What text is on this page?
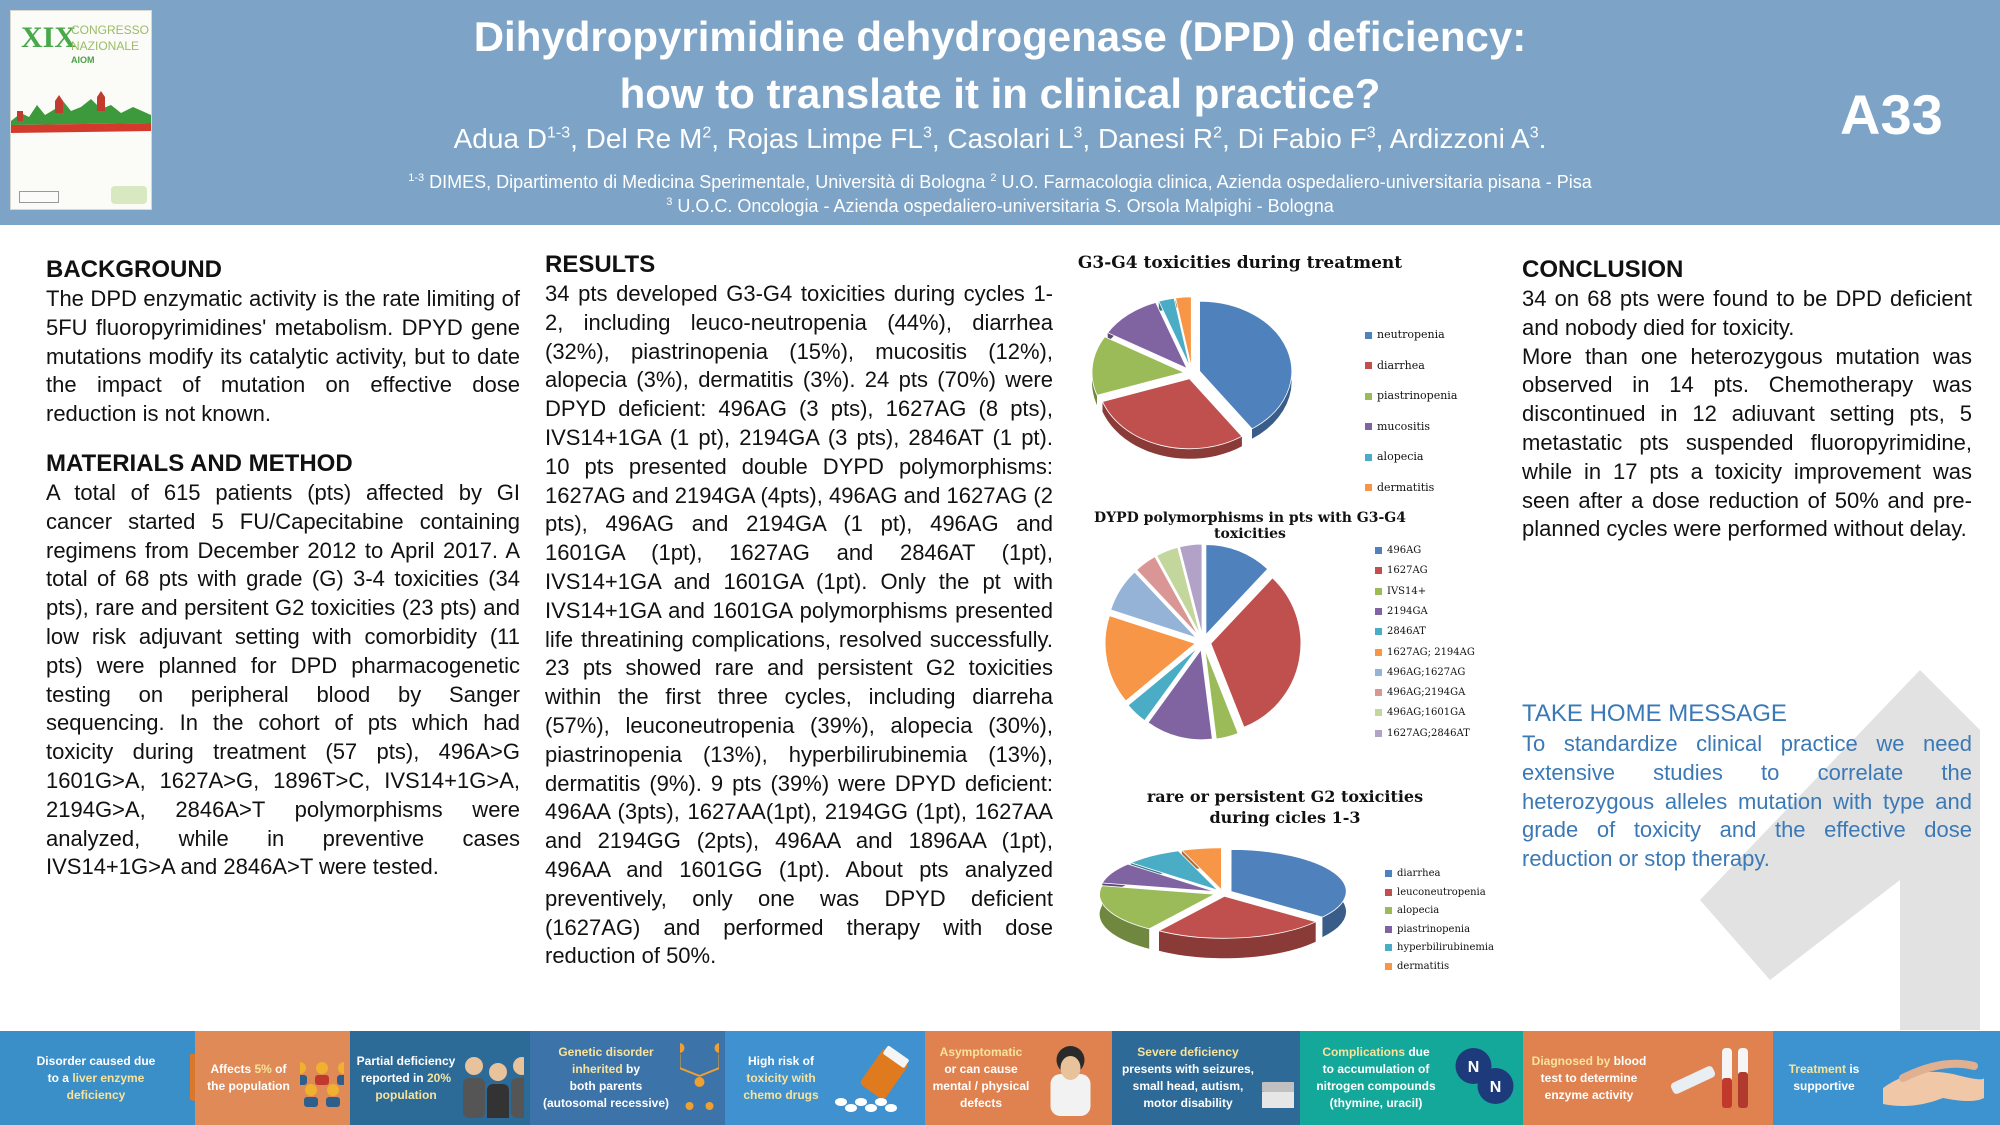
XIX
CONGRESSO
NAZIONALE
AIOM	Dihydropyrimidine dehydrogenase (DPD) deficiency:
how to translate it in clinical practice?
Adua $D^{1-3}$, Del Re $M^2$, Rojas Limpe $FL^3$, Casolari $L^3$, Danesi $R^2$, Di Fabio $F^3$, Ardizzoni $A^3$.
$^{1-3}$ DIMES, Dipartimento di Medicina Sperimentale, Università di Bologna $^2$ U.O. Farmacologia clinica, Azienda ospedaliero-universitaria pisana - Pisa
$^3$ U.O.C. Oncologia - Azienda ospedaliero-universitaria S. Orsola Malpighi - Bologna
A33
BACKGROUND

The DPD enzymatic activity is the rate limiting of 5FU fluoropyrimidines' metabolism. DPYD gene mutations modify its catalytic activity, but to date the impact of mutation on effective dose reduction is not known.

MATERIALS AND METHOD

A total of 615 patients (pts) affected by GI cancer started 5 FU/Capecitabine containing regimens from December 2012 to April 2017. A total of 68 pts with grade (G) 3-4 toxicities (34 pts), rare and persitent G2 toxicities (23 pts) and low risk adjuvant setting with comorbidity (11 pts) were planned for DPD pharmacogenetic testing on peripheral blood by Sanger sequencing. In the cohort of pts which had toxicity during treatment (57 pts), 496A>G 1601G>A, 1627A>G, 1896T>C, IVS14+1G>A, 2194G>A, 2846A>T polymorphisms were analyzed, while in preventive cases IVS14+1G>A and 2846A>T were tested.

RESULTS

34 pts developed G3-G4 toxicities during cycles 1-2, including leuco-neutropenia (44%), diarrhea (32%), piastrinopenia (15%), mucositis (12%), alopecia (3%), dermatitis (3%). 24 pts (70%) were DPYD deficient: 496AG (3 pts), 1627AG (8 pts), IVS14+1GA (1 pt), 2194GA (3 pts), 2846AT (1 pt). 10 pts presented double DYPD polymorphisms: 1627AG and 2194GA (4pts), 496AG and 1627AG (2 pts), 496AG and 2194GA (1 pt), 496AG and 1601GA (1pt), 1627AG and 2846AT (1pt), IVS14+1GA and 1601GA (1pt). Only the pt with IVS14+1GA and 1601GA polymorphisms presented life threatining complications, resolved successfully. 23 pts showed rare and persistent G2 toxicities within the first three cycles, including diarreha (57%), leuconeutropenia (39%), alopecia (30%), piastrinopenia (13%), hyperbilirubinemia (13%), dermatitis (9%). 9 pts (39%) were DPYD deficient: 496AA (3pts), 1627AA(1pt), 2194GG (1pt), 1627AA and 2194GG (2pts), 496AA and 1896AA (1pt), 496AA and 1601GG (1pt). About pts analyzed preventively, only one was DPYD deficient (1627AG) and performed therapy with dose reduction of 50%.

G3-G4 toxicities during treatment
neutropenia
diarrhea
piastrinopenia
mucositis
alopecia
dermatitis
DYPD polymorphisms in pts with G3-G4 toxicities
496AG
1627AG
IVS14+
2194GA
2846AT
1627AG; 2194AG
496AG;1627AG
496AG;2194GA
496AG;1601GA
1627AG;2846AT
rare or persistent G2 toxicities during cicles 1-3
diarrhea
leuconeutropenia
alopecia
piastrinopenia
hyperbilirubinemia
dermatitis
CONCLUSION

34 on 68 pts were found to be DPD deficient and nobody died for toxicity.

More than one heterozygous mutation was observed in 14 pts. Chemotherapy was discontinued in 12 adiuvant setting pts, 5 metastatic pts suspended fluoropyrimidine, while in 17 pts a toxicity improvement was seen after a dose reduction of 50% and pre-planned cycles were performed without delay.

TAKE HOME MESSAGE
To standardize clinical practice we need extensive studies to correlate the heterozygous alleles mutation with type and grade of toxicity and the effective dose reduction or stop therapy.
Disorder caused due
to a liver enzyme
deficiency
Affects 5% of
the population
Partial deficiency
reported in 20%
population
Genetic disorder
inherited by
both parents
(autosomal recessive)
High risk of
toxicity with
chemo drugs
Asymptomatic
or can cause
mental / physical
defects
Severe deficiency
presents with seizures,
small head, autism,
motor disability
Complications due
to accumulation of
nitrogen compounds
(thymine, uracil)
N
N
Diagnosed by blood
test to determine
enzyme activity
Treatment is
supportive
